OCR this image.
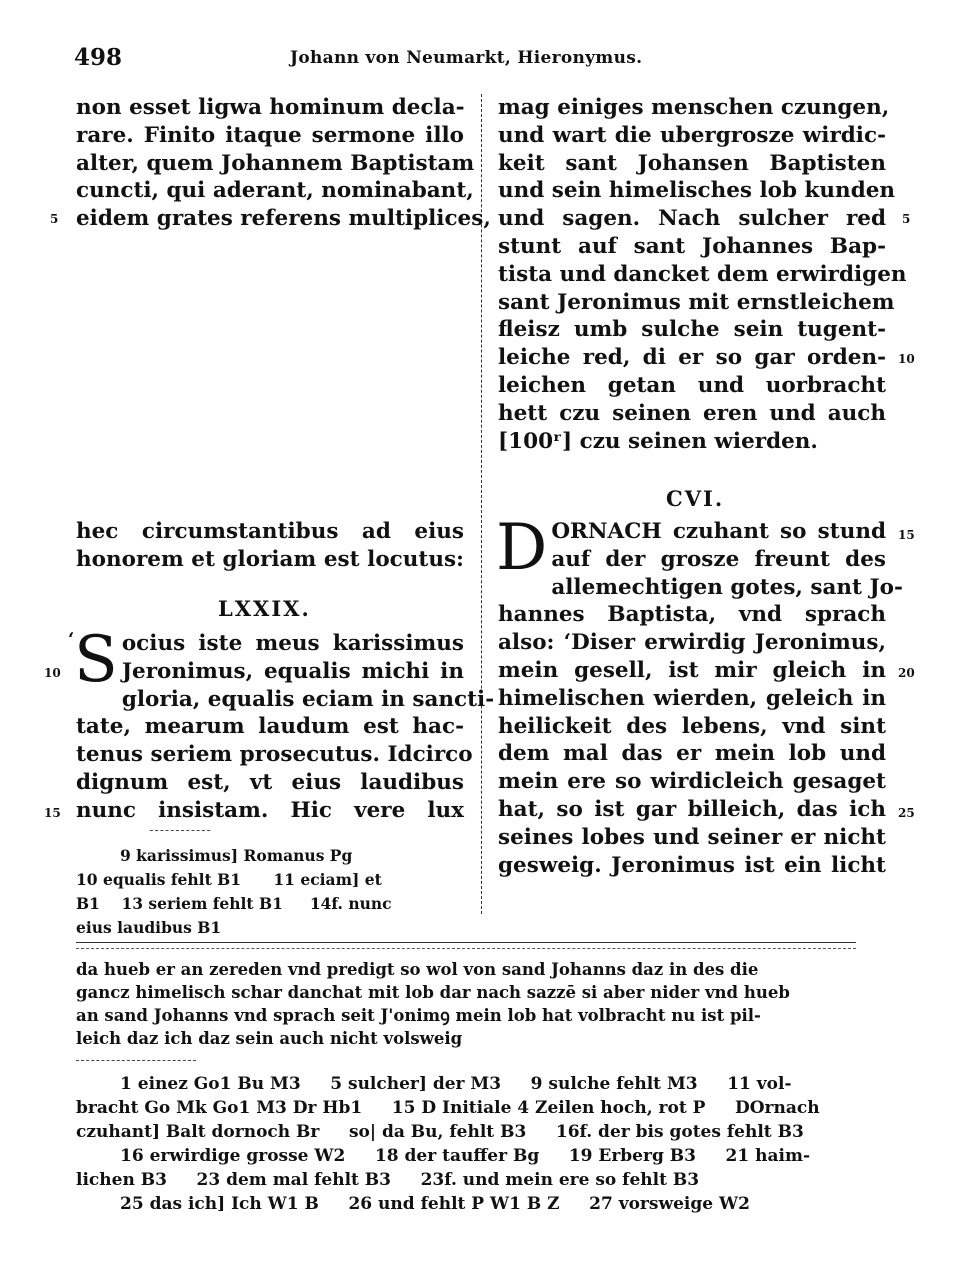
498	Johann von Neumarkt, Hieronymus.
non esset ligwa hominum decla-
rare. Finito itaque sermone illo
alter, quem Johannem Baptistam
cuncti, qui aderant, nominabant,
eidem grates referens multiplices,
mag einiges menschen czungen,
und wart die ubergrosze wirdic-
keit sant Johansen Baptisten
und sein himelisches lob kunden
und sagen. Nach sulcher red
stunt auf sant Johannes Bap-
tista und dancket dem erwirdigen
sant Jeronimus mit ernstleichem
fleisz umb sulche sein tugent-
leiche red, di er so gar orden-
leichen getan und uorbracht
hett czu seinen eren und auch
[100ʳ] czu seinen wierden.
hec circumstantibus ad eius
honorem et gloriam est locutus:
LXXIX.
‘ S ocius iste meus karissimus
Jeronimus, equalis michi in
gloria, equalis eciam in sancti-
tate, mearum laudum est hac-
tenus seriem prosecutus. Idcirco
dignum est, vt eius laudibus
nunc insistam. Hic vere lux
9 karissimus] Romanus Pg
10 equalis fehlt B1      11 eciam] et
B1    13 seriem fehlt B1     14f. nunc
eius laudibus B1
CVI.
D ORNACH czuhant so stund
auf der grosze freunt des
allemechtigen gotes, sant Jo-
hannes Baptista, vnd sprach
also: ‘Diser erwirdig Jeronimus,
mein gesell, ist mir gleich in
himelischen wierden, geleich in
heilickeit des lebens, vnd sint
dem mal das er mein lob und
mein ere so wirdicleich gesaget
hat, so ist gar billeich, das ich
seines lobes und seiner er nicht
gesweig. Jeronimus ist ein licht
5
10
15
5
10
15
20
25
da hueb er an zereden vnd predigt so wol von sand Johanns daz in des die
gancz himelisch schar danchat mit lob dar nach sazzē si aber nider vnd hueb
an sand Johanns vnd sprach seit J'onimꝯ mein lob hat volbracht nu ist pil-
leich daz ich daz sein auch nicht volsweig
1 einez Go1 Bu M3     5 sulcher] der M3     9 sulche fehlt M3     11 vol-
bracht Go Mk Go1 M3 Dr Hb1     15 D Initiale 4 Zeilen hoch, rot P     DOrnach
czuhant] Balt dornoch Br     so| da Bu, fehlt B3     16f. der bis gotes fehlt B3
16 erwirdige grosse W2     18 der tauffer Bg     19 Erberg B3     21 haim-
lichen B3     23 dem mal fehlt B3     23f. und mein ere so fehlt B3
25 das ich] Ich W1 B     26 und fehlt P W1 B Z     27 vorsweige W2
